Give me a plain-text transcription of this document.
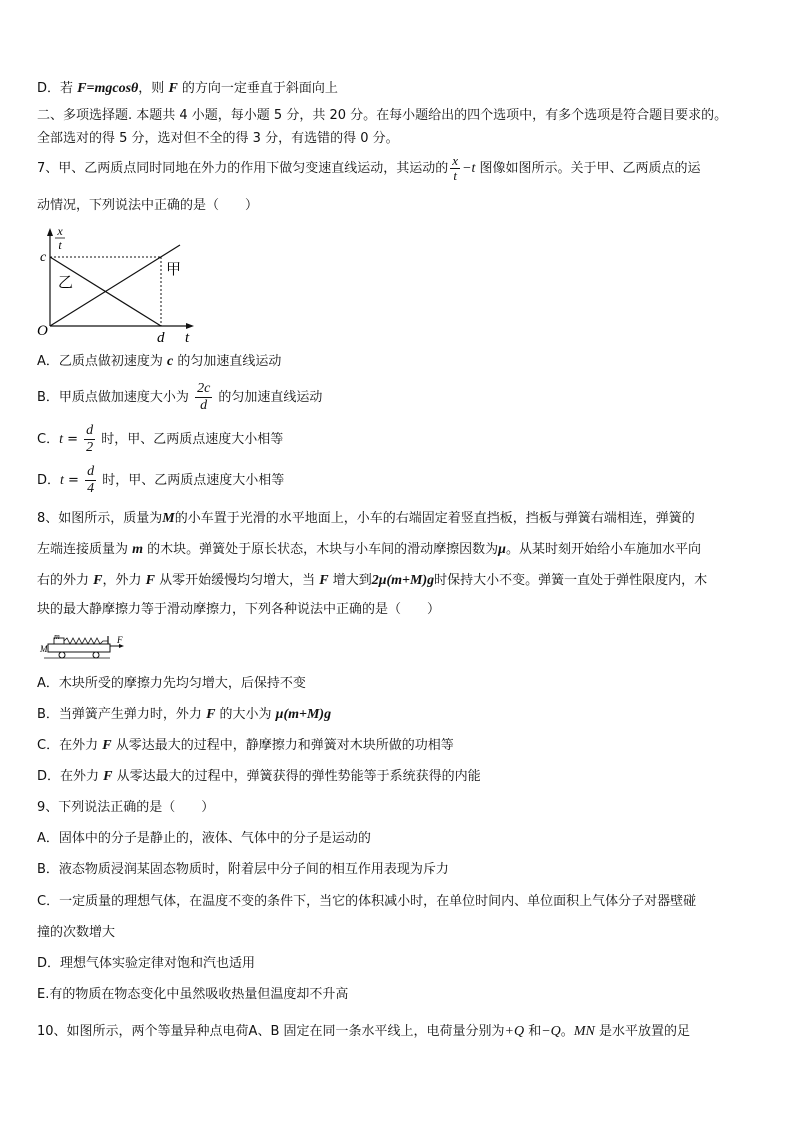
D．若 F=mgcosθ，则 F 的方向一定垂直于斜面向上
二、多项选择题. 本题共 4 小题，每小题 5 分，共 20 分。在每小题给出的四个选项中，有多个选项是符合题目要求的。
全部选对的得 5 分，选对但不全的得 3 分，有选错的得 0 分。
7、甲、乙两质点同时同地在外力的作用下做匀变速直线运动，其运动的 $\frac{x}{t} -t$ 图像如图所示。关于甲、乙两质点的运
动情况，下列说法中正确的是（　　）
x
t
c
O	d t
甲
乙
A．乙质点做初速度为 c 的匀加速直线运动
B．甲质点做加速度大小为 $\frac{2c}{d}$ 的匀加速直线运动
C．$t = \frac{d}{2}$ 时，甲、乙两质点速度大小相等
D．$t = \frac{d}{4}$ 时，甲、乙两质点速度大小相等
8、如图所示，质量为M的小车置于光滑的水平地面上，小车的右端固定着竖直挡板，挡板与弹簧右端相连，弹簧的
左端连接质量为 m 的木块。弹簧处于原长状态，木块与小车间的滑动摩擦因数为μ。从某时刻开始给小车施加水平向
右的外力 F，外力 F 从零开始缓慢均匀增大，当 F 增大到2μ(m+M)g时保持大小不变。弹簧一直处于弹性限度内，木
块的最大静摩擦力等于滑动摩擦力，下列各种说法中正确的是（　　）
m
M
F
A．木块所受的摩擦力先均匀增大，后保持不变
B．当弹簧产生弹力时，外力 F 的大小为 μ(m+M)g
C．在外力 F 从零达最大的过程中，静摩擦力和弹簧对木块所做的功相等
D．在外力 F 从零达最大的过程中，弹簧获得的弹性势能等于系统获得的内能
9、下列说法正确的是（　　）
A．固体中的分子是静止的，液体、气体中的分子是运动的
B．液态物质浸润某固态物质时，附着层中分子间的相互作用表现为斥力
C．一定质量的理想气体，在温度不变的条件下，当它的体积减小时，在单位时间内、单位面积上气体分子对器壁碰
撞的次数增大
D．理想气体实验定律对饱和汽也适用
E.有的物质在物态变化中虽然吸收热量但温度却不升高
10、如图所示，两个等量异种点电荷A、B 固定在同一条水平线上，电荷量分别为+Q 和−Q。MN 是水平放置的足
